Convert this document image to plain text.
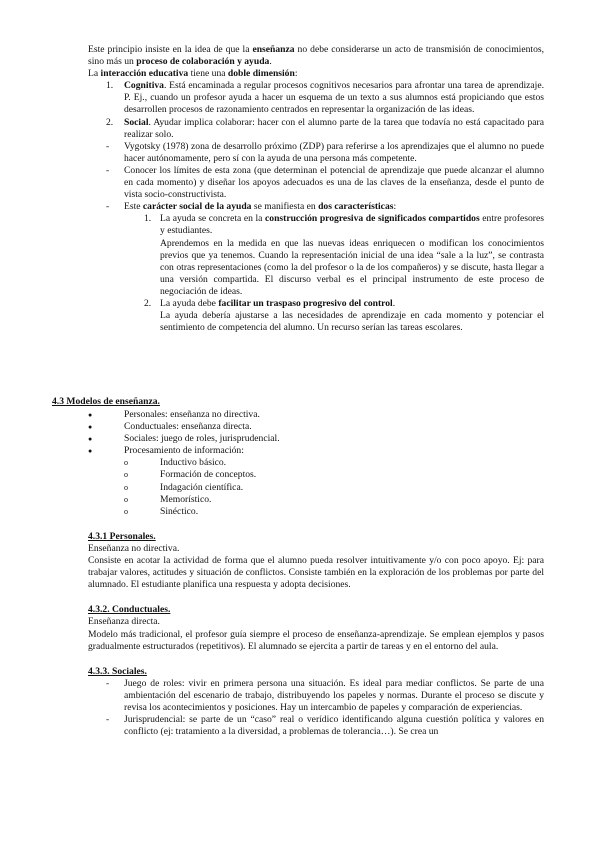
Este principio insiste en la idea de que la enseñanza no debe considerarse un acto de transmisión de conocimientos, sino más un proceso de colaboración y ayuda.

La interacción educativa tiene una doble dimensión:

1. Cognitiva. Está encaminada a regular procesos cognitivos necesarios para afrontar una tarea de aprendizaje. P. Ej., cuando un profesor ayuda a hacer un esquema de un texto a sus alumnos está propiciando que estos desarrollen procesos de razonamiento centrados en representar la organización de las ideas.

2. Social. Ayudar implica colaborar: hacer con el alumno parte de la tarea que todavía no está capacitado para realizar solo.

- Vygotsky (1978) zona de desarrollo próximo (ZDP) para referirse a los aprendizajes que el alumno no puede hacer autónomamente, pero sí con la ayuda de una persona más competente.

- Conocer los límites de esta zona (que determinan el potencial de aprendizaje que puede alcanzar el alumno en cada momento) y diseñar los apoyos adecuados es una de las claves de la enseñanza, desde el punto de vista socio-constructivista.

- Este carácter social de la ayuda se manifiesta en dos características:

1. La ayuda se concreta en la construcción progresiva de significados compartidos entre profesores y estudiantes.
Aprendemos en la medida en que las nuevas ideas enriquecen o modifican los conocimientos previos que ya tenemos. Cuando la representación inicial de una idea “sale a la luz”, se contrasta con otras representaciones (como la del profesor o la de los compañeros) y se discute, hasta llegar a una versión compartida. El discurso verbal es el principal instrumento de este proceso de negociación de ideas.

2. La ayuda debe facilitar un traspaso progresivo del control.
La ayuda debería ajustarse a las necesidades de aprendizaje en cada momento y potenciar el sentimiento de competencia del alumno. Un recurso serían las tareas escolares.

4.3 Modelos de enseñanza.

●	Personales: enseñanza no directiva.

●	Conductuales: enseñanza directa.

●	Sociales: juego de roles, jurisprudencial.

●	Procesamiento de información:

o	Inductivo básico.

o	Formación de conceptos.

o	Indagación científica.

o	Memorístico.

o	Sinéctico.

4.3.1 Personales.

Enseñanza no directiva.

Consiste en acotar la actividad de forma que el alumno pueda resolver intuitivamente y/o con poco apoyo. Ej: para trabajar valores, actitudes y situación de conflictos. Consiste también en la exploración de los problemas por parte del alumnado. El estudiante planifica una respuesta y adopta decisiones.

4.3.2. Conductuales.

Enseñanza directa.

Modelo más tradicional, el profesor guía siempre el proceso de enseñanza-aprendizaje. Se emplean ejemplos y pasos gradualmente estructurados (repetitivos). El alumnado se ejercita a partir de tareas y en el entorno del aula.

4.3.3. Sociales.

- Juego de roles: vivir en primera persona una situación. Es ideal para mediar conflictos. Se parte de una ambientación del escenario de trabajo, distribuyendo los papeles y normas. Durante el proceso se discute y revisa los acontecimientos y posiciones. Hay un intercambio de papeles y comparación de experiencias.

- Jurisprudencial: se parte de un “caso” real o verídico identificando alguna cuestión política y valores en conflicto (ej: tratamiento a la diversidad, a problemas de tolerancia…). Se crea un
